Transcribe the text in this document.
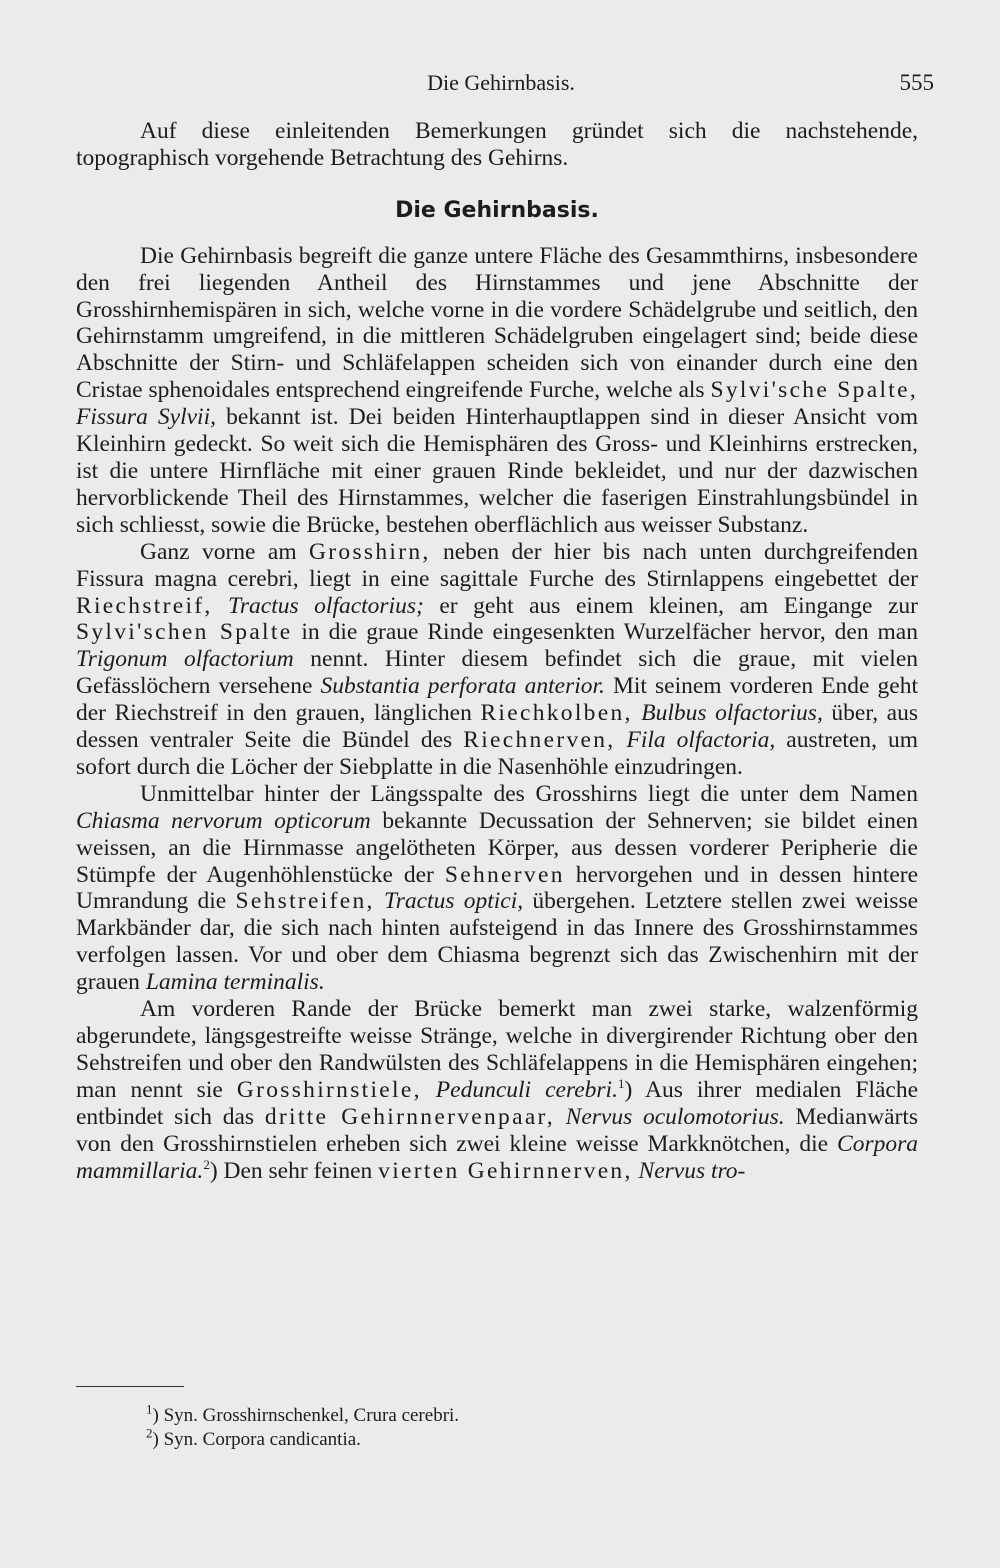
Die Gehirnbasis.	555

Auf diese einleitenden Bemerkungen gründet sich die nachstehende, topographisch vorgehende Betrachtung des Gehirns.

Die Gehirnbasis.

Die Gehirnbasis begreift die ganze untere Fläche des Gesammthirns, insbesondere den frei liegenden Antheil des Hirnstammes und jene Abschnitte der Grosshirnhemispären in sich, welche vorne in die vordere Schädelgrube und seitlich, den Gehirnstamm umgreifend, in die mittleren Schädelgruben eingelagert sind; beide diese Abschnitte der Stirn- und Schläfelappen scheiden sich von einander durch eine den Cristae sphenoidales entsprechend eingreifende Furche, welche als Sylvi'sche Spalte, Fissura Sylvii, bekannt ist. Dei beiden Hinterhauptlappen sind in dieser Ansicht vom Kleinhirn gedeckt. So weit sich die Hemisphären des Gross- und Kleinhirns erstrecken, ist die untere Hirnfläche mit einer grauen Rinde bekleidet, und nur der dazwischen hervorblickende Theil des Hirnstammes, welcher die faserigen Einstrahlungsbündel in sich schliesst, sowie die Brücke, bestehen oberflächlich aus weisser Substanz.

Ganz vorne am Grosshirn, neben der hier bis nach unten durchgreifenden Fissura magna cerebri, liegt in eine sagittale Furche des Stirnlappens eingebettet der Riechstreif, Tractus olfactorius; er geht aus einem kleinen, am Eingange zur Sylvi'schen Spalte in die graue Rinde eingesenkten Wurzelfächer hervor, den man Trigonum olfactorium nennt. Hinter diesem befindet sich die graue, mit vielen Gefässlöchern versehene Substantia perforata anterior. Mit seinem vorderen Ende geht der Riechstreif in den grauen, länglichen Riechkolben, Bulbus olfactorius, über, aus dessen ventraler Seite die Bündel des Riechnerven, Fila olfactoria, austreten, um sofort durch die Löcher der Siebplatte in die Nasenhöhle einzudringen.

Unmittelbar hinter der Längsspalte des Grosshirns liegt die unter dem Namen Chiasma nervorum opticorum bekannte Decussation der Sehnerven; sie bildet einen weissen, an die Hirnmasse angelötheten Körper, aus dessen vorderer Peripherie die Stümpfe der Augenhöhlenstücke der Sehnerven hervorgehen und in dessen hintere Umrandung die Sehstreifen, Tractus optici, übergehen. Letztere stellen zwei weisse Markbänder dar, die sich nach hinten aufsteigend in das Innere des Grosshirnstammes verfolgen lassen. Vor und ober dem Chiasma begrenzt sich das Zwischenhirn mit der grauen Lamina terminalis.

Am vorderen Rande der Brücke bemerkt man zwei starke, walzenförmig abgerundete, längsgestreifte weisse Stränge, welche in divergirender Richtung ober den Sehstreifen und ober den Randwülsten des Schläfelappens in die Hemisphären eingehen; man nennt sie Grosshirnstiele, Pedunculi cerebri.$^1$) Aus ihrer medialen Fläche entbindet sich das dritte Gehirnnervenpaar, Nervus oculomotorius. Medianwärts von den Grosshirnstielen erheben sich zwei kleine weisse Markknötchen, die Corpora mammillaria.$^2$) Den sehr feinen vierten Gehirnnerven, Nervus tro-

$^1$) Syn. Grosshirnschenkel, Crura cerebri.
$^2$) Syn. Corpora candicantia.
